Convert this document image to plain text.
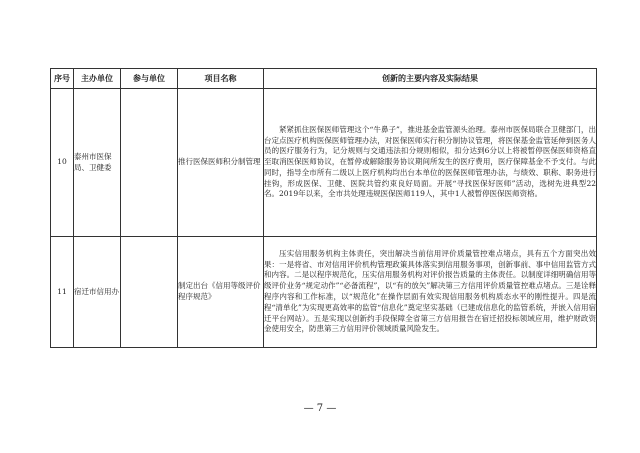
序号	主办单位	参与单位	项目名称	创新的主要内容及实际结果
10	泰州市医保局、卫健委		推行医保医师积分制管理	紧紧抓住医保医师管理这个“牛鼻子”，推进基金监管源头治理。泰州市医保局联合卫健部门，出台定点医疗机构医保医师管理办法，对医保医师实行积分制协议管理，将医保基金监管延伸到医务人员的医疗服务行为，记分规则与交通违法扣分规则相似，扣分达到6分以上将被暂停医保医师资格直至取消医保医师协议，在暂停或解除服务协议期间所发生的医疗费用，医疗保障基金不予支付。与此同时，指导全市所有二级以上医疗机构均出台本单位的医保医师管理办法，与绩效、职称、职务进行挂钩，形成医保、卫健、医院共管约束良好局面。开展“寻找医保好医师”活动，选树先进典型22名。2019年以来，全市共处理违规医保医师119人，其中1人被暂停医保医师资格。

11	宿迁市信用办		制定出台《信用等级评价程序规范》	压实信用服务机构主体责任，突出解决当前信用评价质量管控难点堵点，具有五个方面突出效果：一是将省、市对信用评价机构管理政策具体落实到信用服务事项，创新事前、事中信用监管方式和内容。二是以程序规范化，压实信用服务机构对评价报告质量的主体责任。以制度详细明确信用等级评价业务“规定动作”“必备流程”，以“有的放矢”解决第三方信用评价质量管控难点堵点。三是诠释程序内容和工作标准，以“规范化”在操作层面有效实现信用服务机构质态水平的刚性提升。四是流程“清单化”为实现更高效率的监管“信息化”奠定坚实基础（已建成信息化的监管系统，并嵌入信用宿迁平台网站）。五是实现以创新约手段保障全省第三方信用报告在宿迁招投标领域应用，维护财政资金使用安全，防患第三方信用评价领域质量风险发生。
— 7 —
